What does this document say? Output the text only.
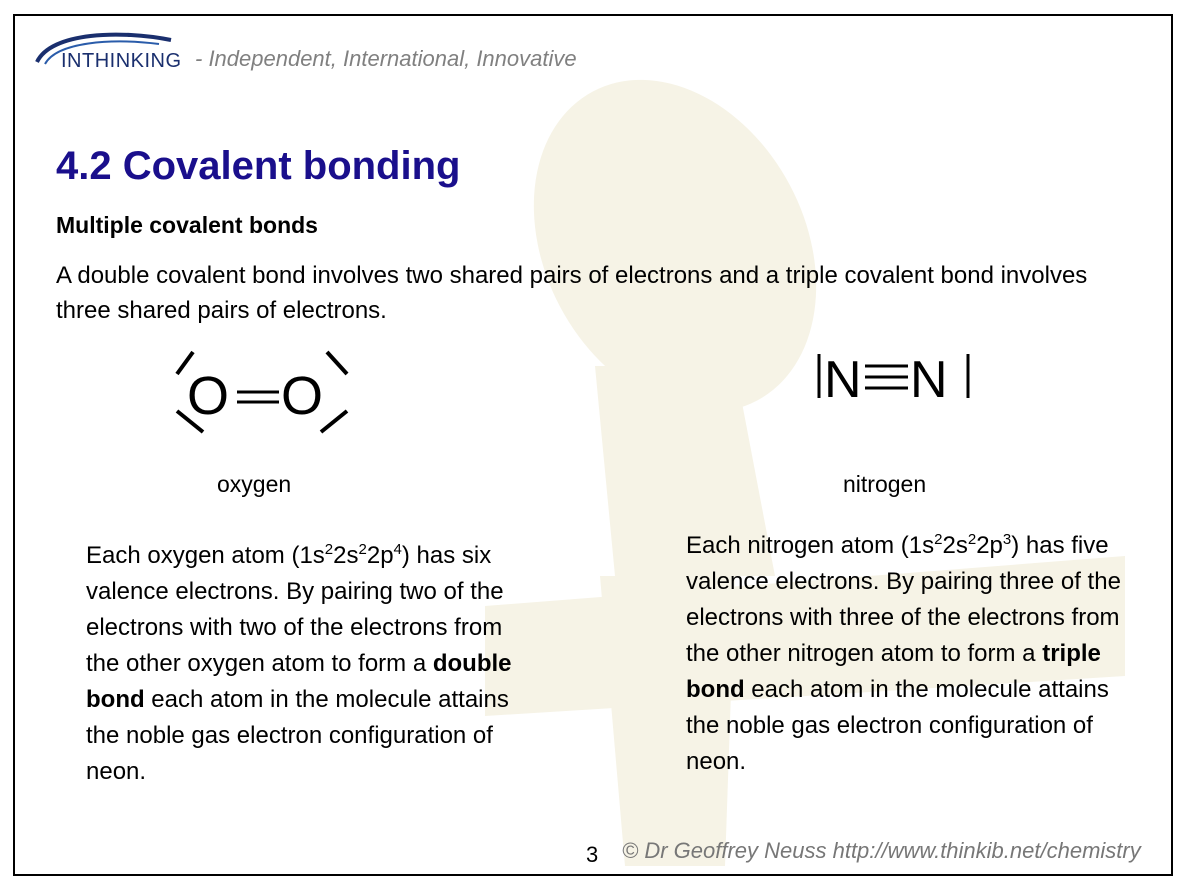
INTHINKING - Independent, International, Innovative
4.2 Covalent bonding
Multiple covalent bonds
A double covalent bond involves two shared pairs of electrons and a triple covalent bond involves three shared pairs of electrons.
O O	N N
oxygen	nitrogen
Each oxygen atom $(1s^22s^22p^4)$ has six valence electrons. By pairing two of the electrons with two of the electrons from the other oxygen atom to form a double bond each atom in the molecule attains the noble gas electron configuration of neon.
Each nitrogen atom $(1s^22s^22p^3)$ has five valence electrons. By pairing three of the electrons with three of the electrons from the other nitrogen atom to form a triple bond each atom in the molecule attains the noble gas electron configuration of neon.
3 © Dr Geoffrey Neuss http://www.thinkib.net/chemistry
